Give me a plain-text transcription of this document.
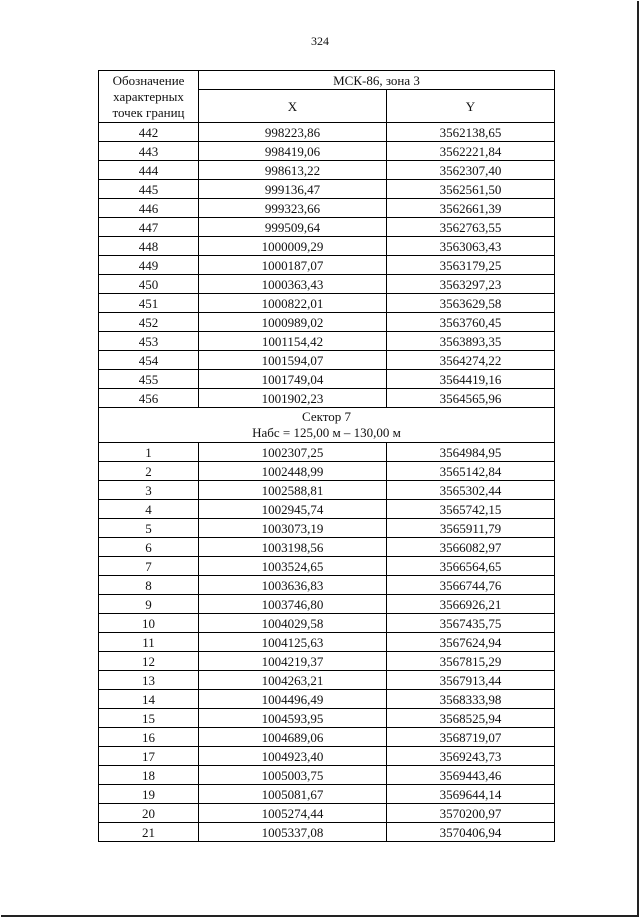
324
Обозначение
характерных
точек границ	МСК-86, зона 3	
	X	Y
442	998223,86	3562138,65
443	998419,06	3562221,84
444	998613,22	3562307,40
445	999136,47	3562561,50
446	999323,66	3562661,39
447	999509,64	3562763,55
448	1000009,29	3563063,43
449	1000187,07	3563179,25
450	1000363,43	3563297,23
451	1000822,01	3563629,58
452	1000989,02	3563760,45
453	1001154,42	3563893,35
454	1001594,07	3564274,22
455	1001749,04	3564419,16
456	1001902,23	3564565,96

Сектор 7
Набс = 125,00 м – 130,00 м		

1	1002307,25	3564984,95
2	1002448,99	3565142,84
3	1002588,81	3565302,44
4	1002945,74	3565742,15
5	1003073,19	3565911,79
6	1003198,56	3566082,97
7	1003524,65	3566564,65
8	1003636,83	3566744,76
9	1003746,80	3566926,21
10	1004029,58	3567435,75
11	1004125,63	3567624,94
12	1004219,37	3567815,29
13	1004263,21	3567913,44
14	1004496,49	3568333,98
15	1004593,95	3568525,94
16	1004689,06	3568719,07
17	1004923,40	3569243,73
18	1005003,75	3569443,46
19	1005081,67	3569644,14
20	1005274,44	3570200,97
21	1005337,08	3570406,94
